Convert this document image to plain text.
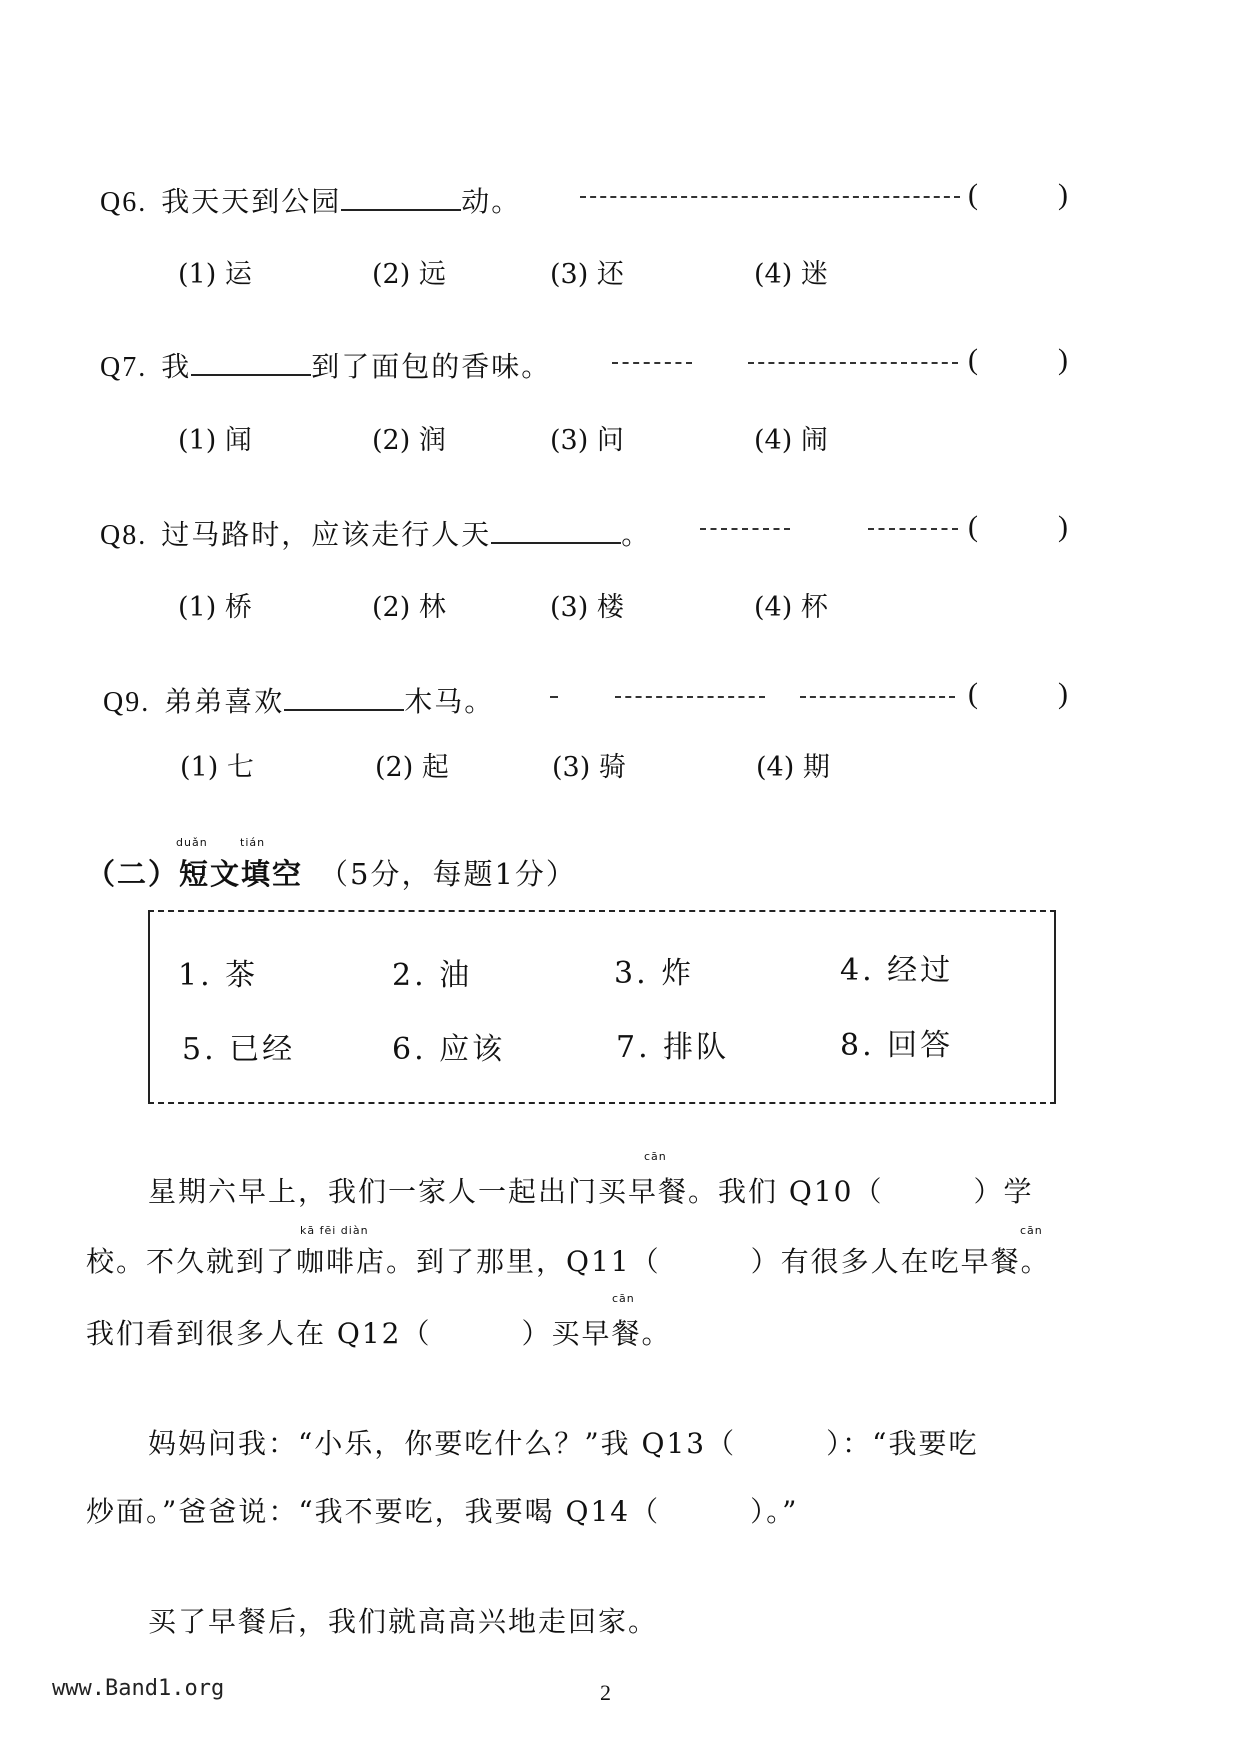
Q6. 我天天到公园	动。	(	)
(1) 运	(2) 远	(3) 还	(4) 迷
Q7. 我	到了面包的香味。	(	)
(1) 闻	(2) 润	(3) 问	(4) 闹
Q8. 过马路时，应该走行人天	。	(	)
(1) 桥	(2) 林	(3) 楼	(4) 杯
Q9. 弟弟喜欢	木马。	(	)
(1) 七	(2) 起	(3) 骑	(4) 期
duǎn	tián
（二）短文填空 （5分，每题1分）
1. 茶	2. 油	3. 炸	4. 经过
5. 已经	6. 应该	7. 排队	8. 回答
cān
星期六早上，我们一家人一起出门买早餐。我们 Q10（	）学
kā fēi diàn	cān
校。不久就到了咖啡店。到了那里，Q11（	）有很多人在吃早餐。
cān
我们看到很多人在 Q12（	）买早餐。
妈妈问我：“小乐，你要吃什么？”我 Q13（	）：“我要吃
炒面。”爸爸说：“我不要吃，我要喝 Q14（	）。”
买了早餐后，我们就高高兴地走回家。
www.Band1.org	2
